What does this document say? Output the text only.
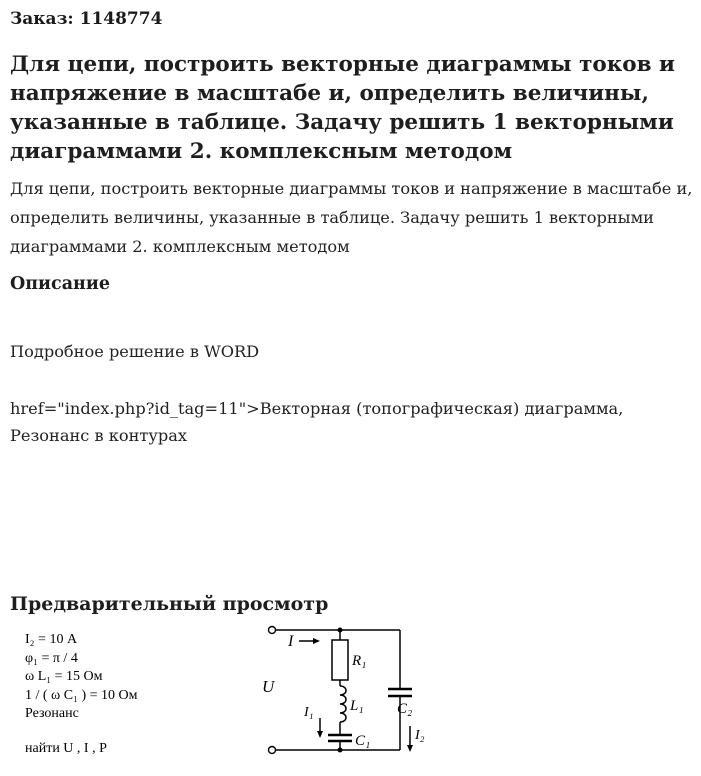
Заказ: 1148774
Для цепи, построить векторные диаграммы токов и напряжение в масштабе и, определить величины, указанные в таблице. Задачу решить 1 векторными диаграммами 2. комплексным методом

Для цепи, построить векторные диаграммы токов и напряжение в масштабе и, определить величины, указанные в таблице. Задачу решить 1 векторными диаграммами 2. комплексным методом

Описание

Подробное решение в WORD

href="index.php?id_tag=11">Векторная (топографическая) диаграмма, Резонанс в контурах

Предварительный просмотр
I₂ = 10 А
φ₁ = π / 4
ω L₁ = 15 Ом
1 / ( ω C₁ ) = 10 Ом
Резонанс
найти U , I , P
I
U
R₁
L₁
C₁
C₂
I₁
I₂
